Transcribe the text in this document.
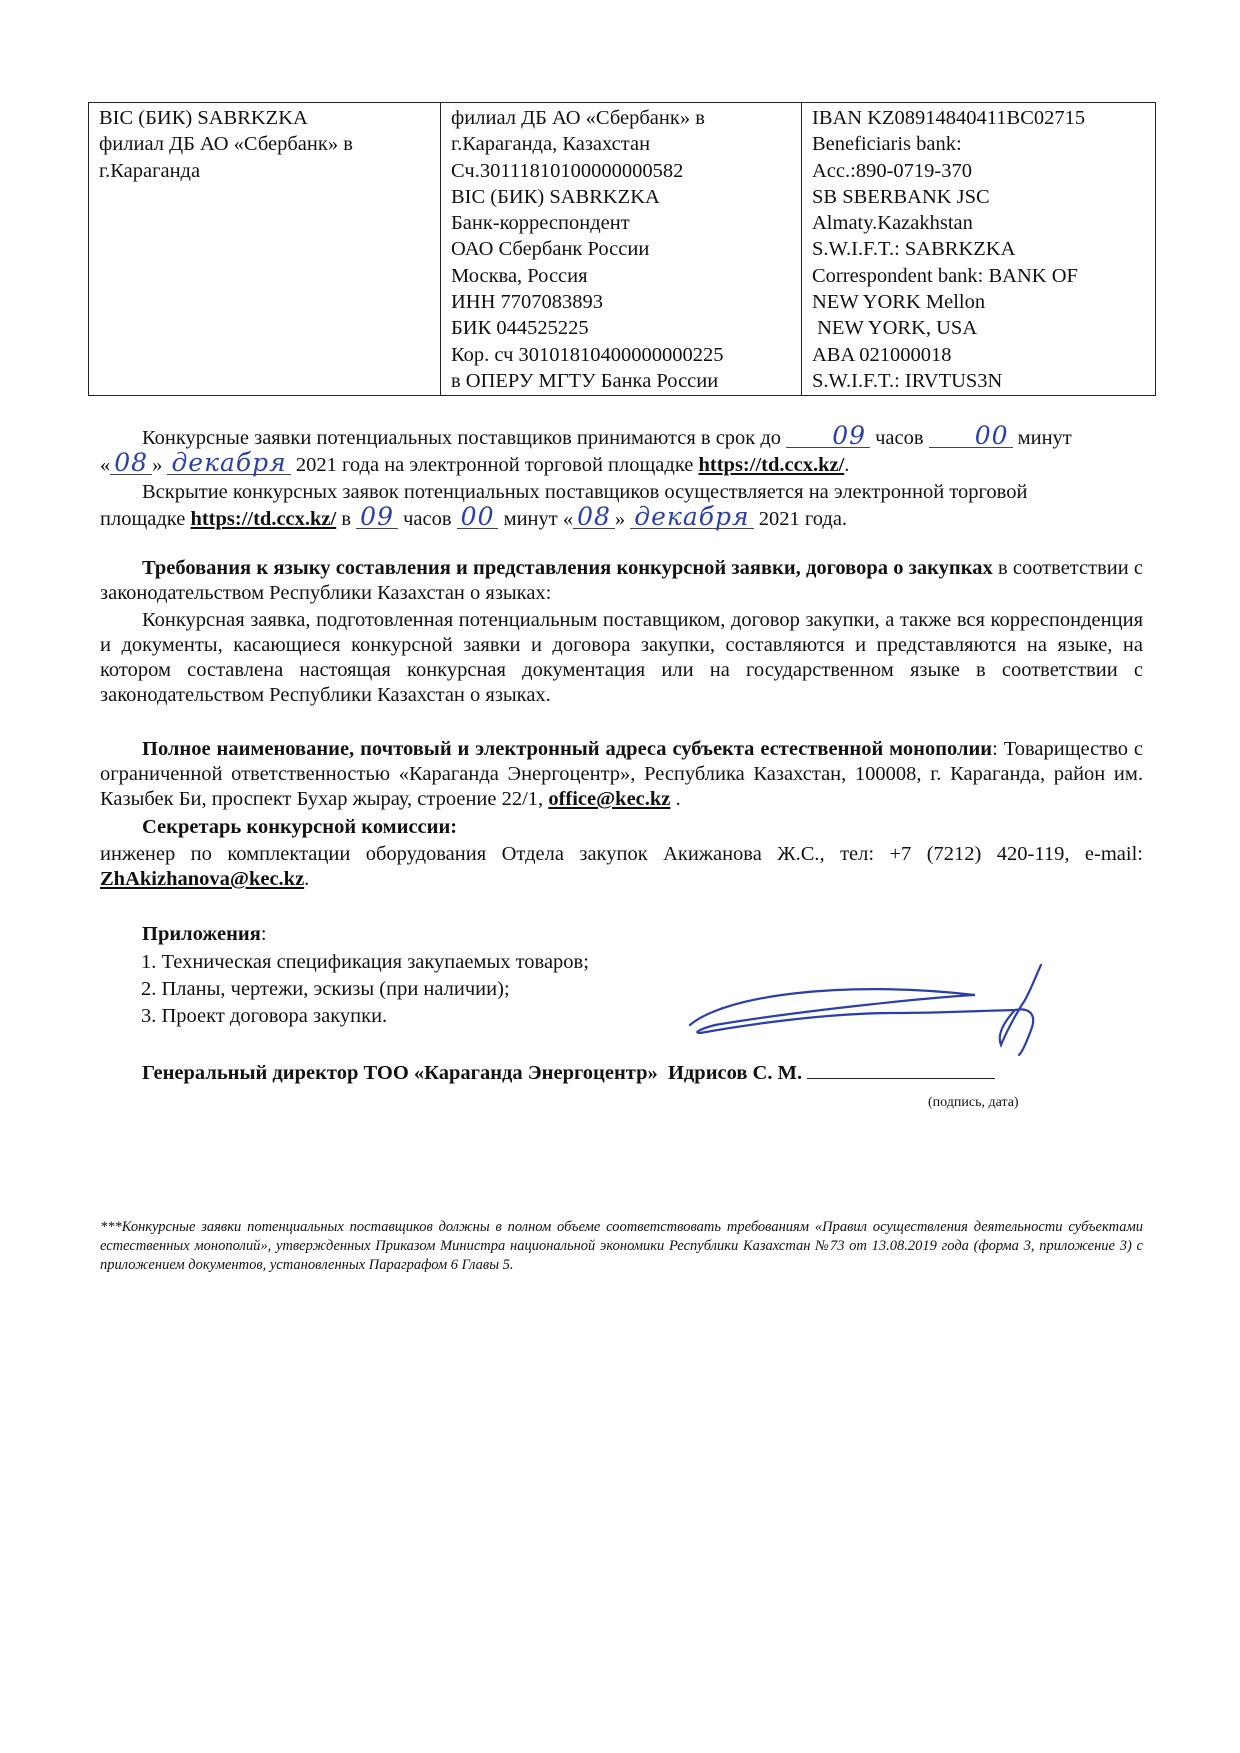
BIC (БИК) SABRKZKA
филиал ДБ АО «Сбербанк» в
г.Караганда
филиал ДБ АО «Сбербанк» в
г.Караганда, Казахстан
Сч.30111810100000000582
BIC (БИК) SABRKZKA
Банк-корреспондент
ОАО Сбербанк России
Москва, Россия
ИНН 7707083893
БИК 044525225
Кор. сч 30101810400000000225
в ОПЕРУ МГТУ Банка России
IBAN KZ08914840411BC02715
Beneficiaris bank:
Acc.:890-0719-370
SB SBERBANK JSC
Almaty.Kazakhstan
S.W.I.F.T.: SABRKZKA
Correspondent bank: BANK OF
NEW YORK Mellon
NEW YORK, USA
ABA 021000018
S.W.I.F.T.: IRVTUS3N
Конкурсные заявки потенциальных поставщиков принимаются в срок до 09 часов 00 минут
« 08 » декабря 2021 года на электронной торговой площадке https://td.ccx.kz/.
Вскрытие конкурсных заявок потенциальных поставщиков осуществляется на электронной торговой
площадке https://td.ccx.kz/ в 09 часов 00 минут « 08 » декабря 2021 года.
Требования к языку составления и представления конкурсной заявки, договора о закупках в соответствии с законодательством Республики Казахстан о языках:
Конкурсная заявка, подготовленная потенциальным поставщиком, договор закупки, а также вся корреспонденция и документы, касающиеся конкурсной заявки и договора закупки, составляются и представляются на языке, на котором составлена настоящая конкурсная документация или на государственном языке в соответствии с законодательством Республики Казахстан о языках.
Полное наименование, почтовый и электронный адреса субъекта естественной монополии: Товарищество с ограниченной ответственностью «Караганда Энергоцентр», Республика Казахстан, 100008, г. Караганда, район им. Казыбек Би, проспект Бухар жырау, строение 22/1, office@kec.kz .
Секретарь конкурсной комиссии:
инженер по комплектации оборудования Отдела закупок Акижанова Ж.С., тел: +7 (7212) 420-119, e-mail: ZhAkizhanova@kec.kz.
Приложения:
1. Техническая спецификация закупаемых товаров;
2. Планы, чертежи, эскизы (при наличии);
3. Проект договора закупки.
Генеральный директор ТОО «Караганда Энергоцентр»  Идрисов С. М.
(подпись, дата)
***Конкурсные заявки потенциальных поставщиков должны в полном объеме соответствовать требованиям «Правил осуществления деятельности субъектами естественных монополий», утвержденных Приказом Министра национальной экономики Республики Казахстан №73 от 13.08.2019 года (форма 3, приложение 3) с приложением документов, установленных Параграфом 6 Главы 5.
